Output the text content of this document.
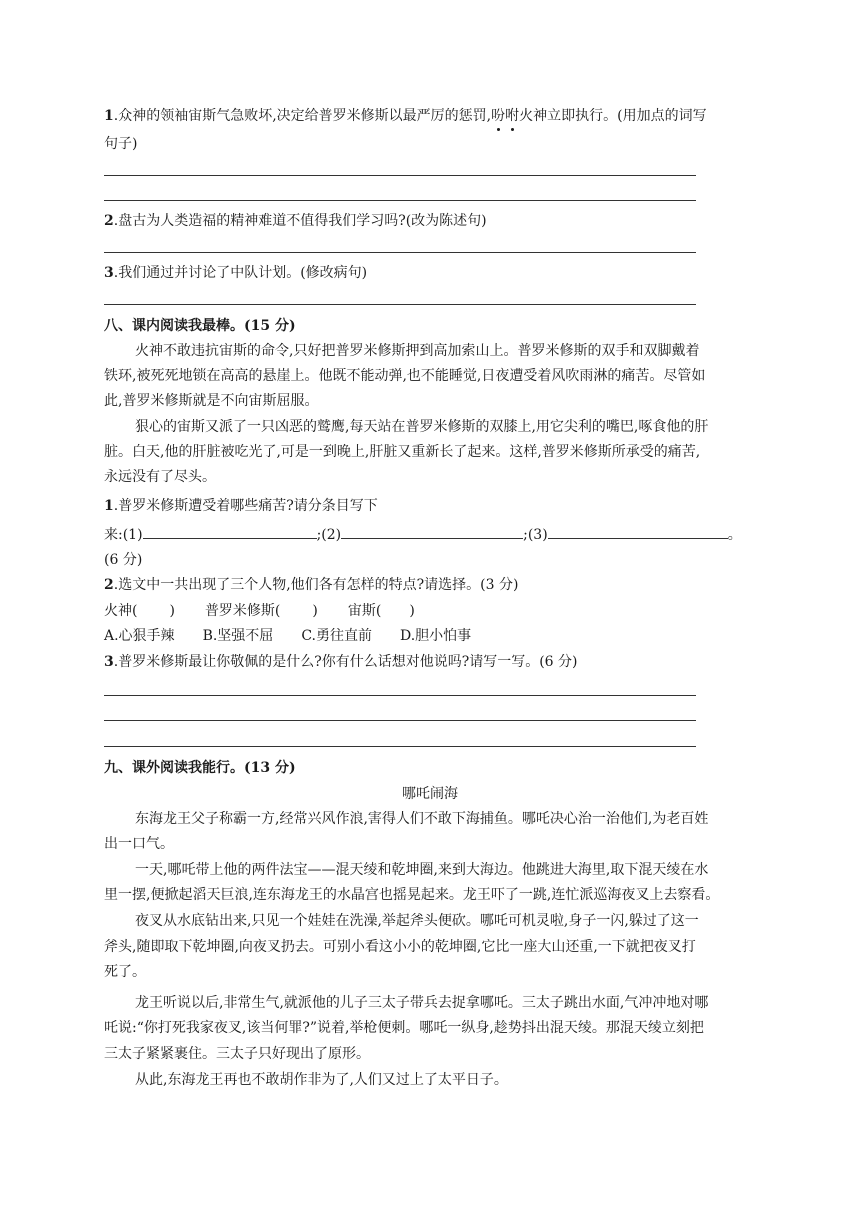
1.众神的领袖宙斯气急败坏,决定给普罗米修斯以最严厉的惩罚,吩咐火神立即执行。(用加点的词写
句子)
2.盘古为人类造福的精神难道不值得我们学习吗?(改为陈述句)
3.我们通过并讨论了中队计划。(修改病句)
八、课内阅读我最棒。(15 分)
火神不敢违抗宙斯的命令,只好把普罗米修斯押到高加索山上。普罗米修斯的双手和双脚戴着
铁环,被死死地锁在高高的悬崖上。他既不能动弹,也不能睡觉,日夜遭受着风吹雨淋的痛苦。尽管如
此,普罗米修斯就是不向宙斯屈服。
狠心的宙斯又派了一只凶恶的鹫鹰,每天站在普罗米修斯的双膝上,用它尖利的嘴巴,啄食他的肝
脏。白天,他的肝脏被吃光了,可是一到晚上,肝脏又重新长了起来。这样,普罗米修斯所承受的痛苦,
永远没有了尽头。
1.普罗米修斯遭受着哪些痛苦?请分条目写下
来:(1)	;(2)	;(3)	。
(6 分)
2.选文中一共出现了三个人物,他们各有怎样的特点?请选择。(3 分)
火神( ) 普罗米修斯( ) 宙斯( )
A.心狠手辣 B.坚强不屈 C.勇往直前 D.胆小怕事
3.普罗米修斯最让你敬佩的是什么?你有什么话想对他说吗?请写一写。(6 分)
九、课外阅读我能行。(13 分)
哪吒闹海
东海龙王父子称霸一方,经常兴风作浪,害得人们不敢下海捕鱼。哪吒决心治一治他们,为老百姓
出一口气。
一天,哪吒带上他的两件法宝——混天绫和乾坤圈,来到大海边。他跳进大海里,取下混天绫在水
里一摆,便掀起滔天巨浪,连东海龙王的水晶宫也摇晃起来。龙王吓了一跳,连忙派巡海夜叉上去察看。
夜叉从水底钻出来,只见一个娃娃在洗澡,举起斧头便砍。哪吒可机灵啦,身子一闪,躲过了这一
斧头,随即取下乾坤圈,向夜叉扔去。可别小看这小小的乾坤圈,它比一座大山还重,一下就把夜叉打
死了。
龙王听说以后,非常生气,就派他的儿子三太子带兵去捉拿哪吒。三太子跳出水面,气冲冲地对哪
吒说:“你打死我家夜叉,该当何罪?”说着,举枪便刺。哪吒一纵身,趁势抖出混天绫。那混天绫立刻把
三太子紧紧裹住。三太子只好现出了原形。
从此,东海龙王再也不敢胡作非为了,人们又过上了太平日子。
